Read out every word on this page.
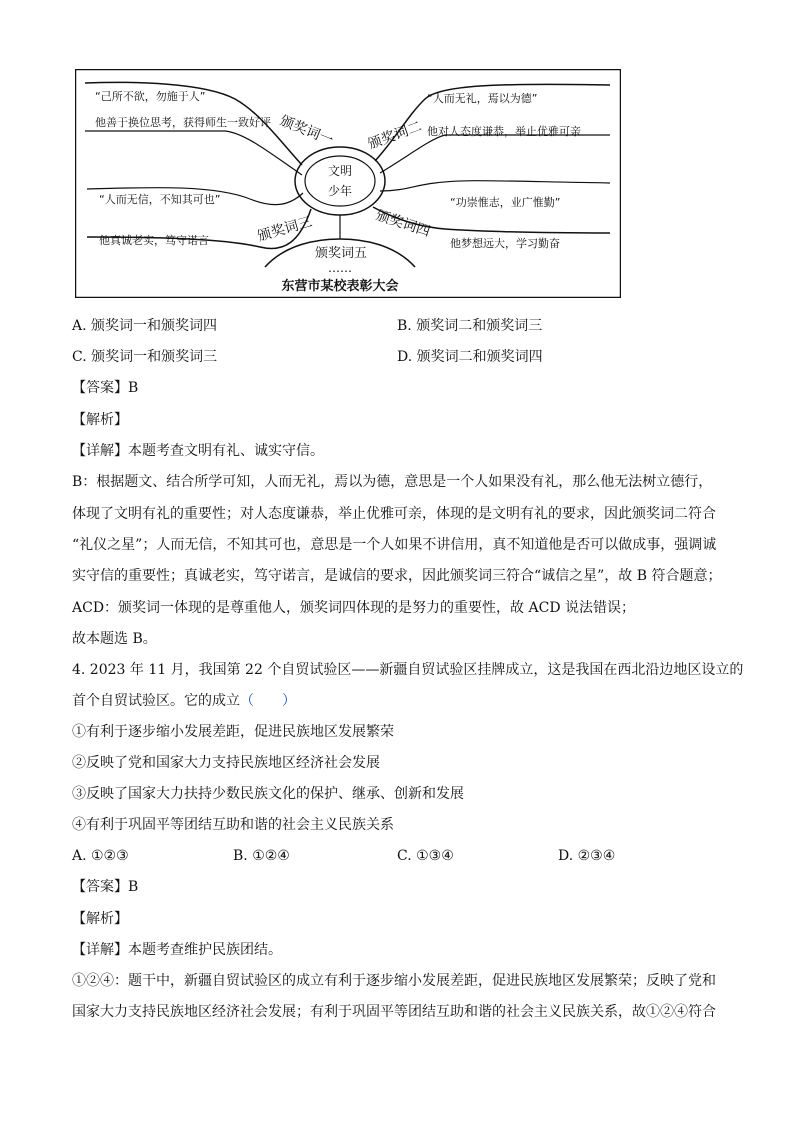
文明
少年
“己所不欲，勿施于人”
他善于换位思考，获得师生一致好评 颁奖词一
“人而无礼，焉以为德”
他对人态度谦恭，举止优雅可亲
颁奖词二
“人而无信，不知其可也”
他真诚老实，笃守诺言	颁奖词三
“功崇惟志，业广惟勤”
他梦想远大，学习勤奋
颁奖词四
颁奖词五
……
东营市某校表彰大会
A. 颁奖词一和颁奖词四	B. 颁奖词二和颁奖词三
C. 颁奖词一和颁奖词三	D. 颁奖词二和颁奖词四
【答案】B
【解析】
【详解】本题考查文明有礼、诚实守信。
B：根据题文、结合所学可知，人而无礼，焉以为德，意思是一个人如果没有礼，那么他无法树立德行，
体现了文明有礼的重要性；对人态度谦恭，举止优雅可亲，体现的是文明有礼的要求，因此颁奖词二符合
“礼仪之星”；人而无信，不知其可也，意思是一个人如果不讲信用，真不知道他是否可以做成事，强调诚
实守信的重要性；真诚老实，笃守诺言，是诚信的要求，因此颁奖词三符合“诚信之星”，故 B 符合题意；
ACD：颁奖词一体现的是尊重他人，颁奖词四体现的是努力的重要性，故 ACD 说法错误；
故本题选 B。
4. 2023 年 11 月，我国第 22 个自贸试验区——新疆自贸试验区挂牌成立，这是我国在西北沿边地区设立的
首个自贸试验区。它的成立（　　）
①有利于逐步缩小发展差距，促进民族地区发展繁荣
②反映了党和国家大力支持民族地区经济社会发展
③反映了国家大力扶持少数民族文化的保护、继承、创新和发展
④有利于巩固平等团结互助和谐的社会主义民族关系
A. ①②③	B. ①②④	C. ①③④	D. ②③④
【答案】B
【解析】
【详解】本题考查维护民族团结。
①②④：题干中，新疆自贸试验区的成立有利于逐步缩小发展差距，促进民族地区发展繁荣；反映了党和
国家大力支持民族地区经济社会发展；有利于巩固平等团结互助和谐的社会主义民族关系，故①②④符合
